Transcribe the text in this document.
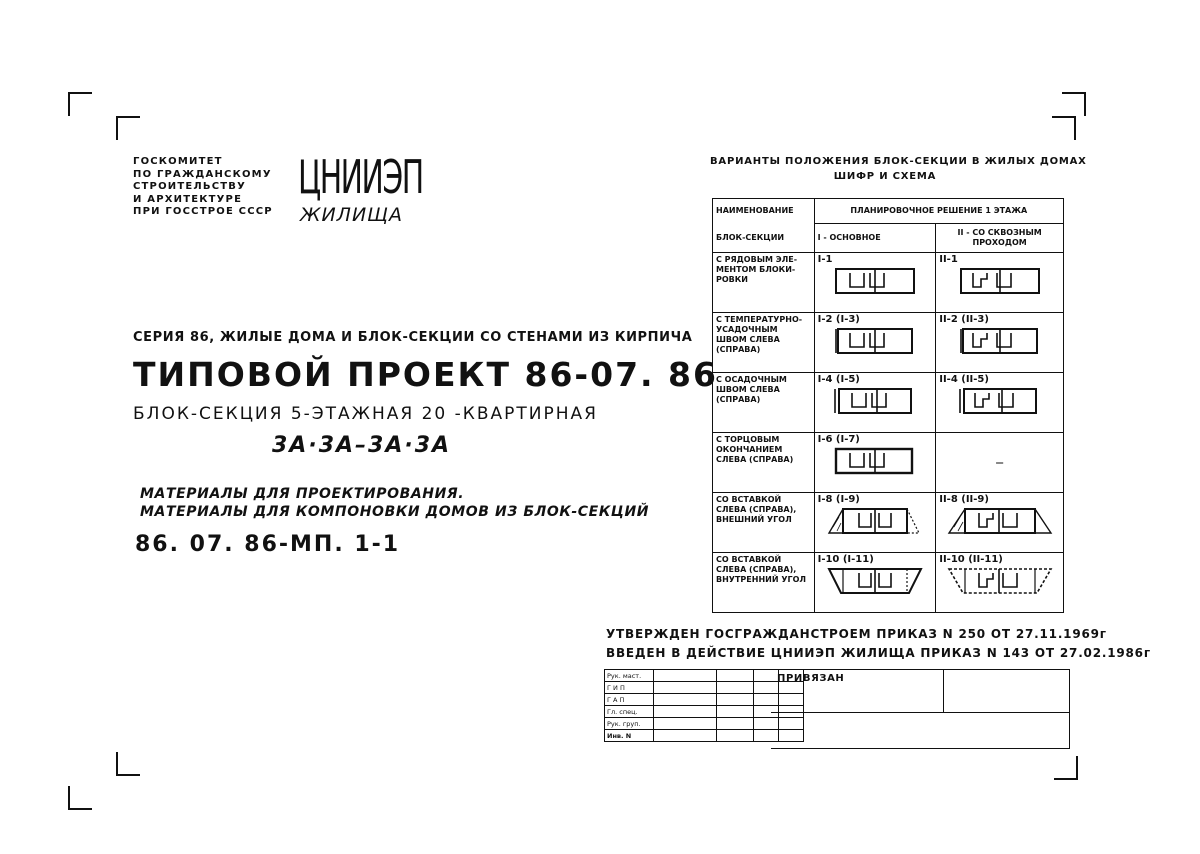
ГОСКОМИТЕТ
ПО ГРАЖДАНСКОМУ
СТРОИТЕЛЬСТВУ
И АРХИТЕКТУРЕ
ПРИ ГОССТРОЕ СССР
ЦНИИЭП
ЖИЛИЩА
СЕРИЯ 86, ЖИЛЫЕ ДОМА И БЛОК-СЕКЦИИ СО СТЕНАМИ ИЗ КИРПИЧА
ТИПОВОЙ ПРОЕКТ 86-07. 86
БЛОК-СЕКЦИЯ 5-ЭТАЖНАЯ 20 -КВАРТИРНАЯ
3А·3А–3А·3А
МАТЕРИАЛЫ ДЛЯ ПРОЕКТИРОВАНИЯ.
МАТЕРИАЛЫ ДЛЯ КОМПОНОВКИ ДОМОВ ИЗ БЛОК-СЕКЦИЙ
86. 07. 86-МП. 1-1
ВАРИАНТЫ ПОЛОЖЕНИЯ БЛОК-СЕКЦИИ В ЖИЛЫХ ДОМАХ
ШИФР И СХЕМА
НАИМЕНОВАНИЕ	ПЛАНИРОВОЧНОЕ РЕШЕНИЕ 1 ЭТАЖА	
БЛОК-СЕКЦИИ	I - ОСНОВНОЕ	II - СО СКВОЗНЫМ ПРОХОДОМ
С РЯДОВЫМ ЭЛЕ-МЕНТОМ БЛОКИ-РОВКИ	I-1	II-1

С ТЕМПЕРАТУРНО-УСАДОЧНЫМ ШВОМ СЛЕВА (СПРАВА)	I-2 (I-3)	II-2 (II-3)

С ОСАДОЧНЫМ ШВОМ СЛЕВА (СПРАВА)	I-4 (I-5)	II-4 (II-5)

С ТОРЦОВЫМ ОКОНЧАНИЕМ СЛЕВА (СПРАВА)	I-6 (I-7)	—
СО ВСТАВКОЙ СЛЕВА (СПРАВА), ВНЕШНИЙ УГОЛ	I-8 (I-9)	II-8 (II-9)

СО ВСТАВКОЙ СЛЕВА (СПРАВА), ВНУТРЕННИЙ УГОЛ	I-10 (I-11)	II-10 (II-11)
УТВЕРЖДЕН ГОСГРАЖДАНСТРОЕМ ПРИКАЗ N 250 ОТ 27.11.1969г
ВВЕДЕН В ДЕЙСТВИЕ ЦНИИЭП ЖИЛИЩА ПРИКАЗ N 143 ОТ 27.02.1986г
Рук. маст.				
Г И П				
Г А П				
Гл. спец.				
Рук. груп.				
Инв. N				
ПРИВЯЗАН
